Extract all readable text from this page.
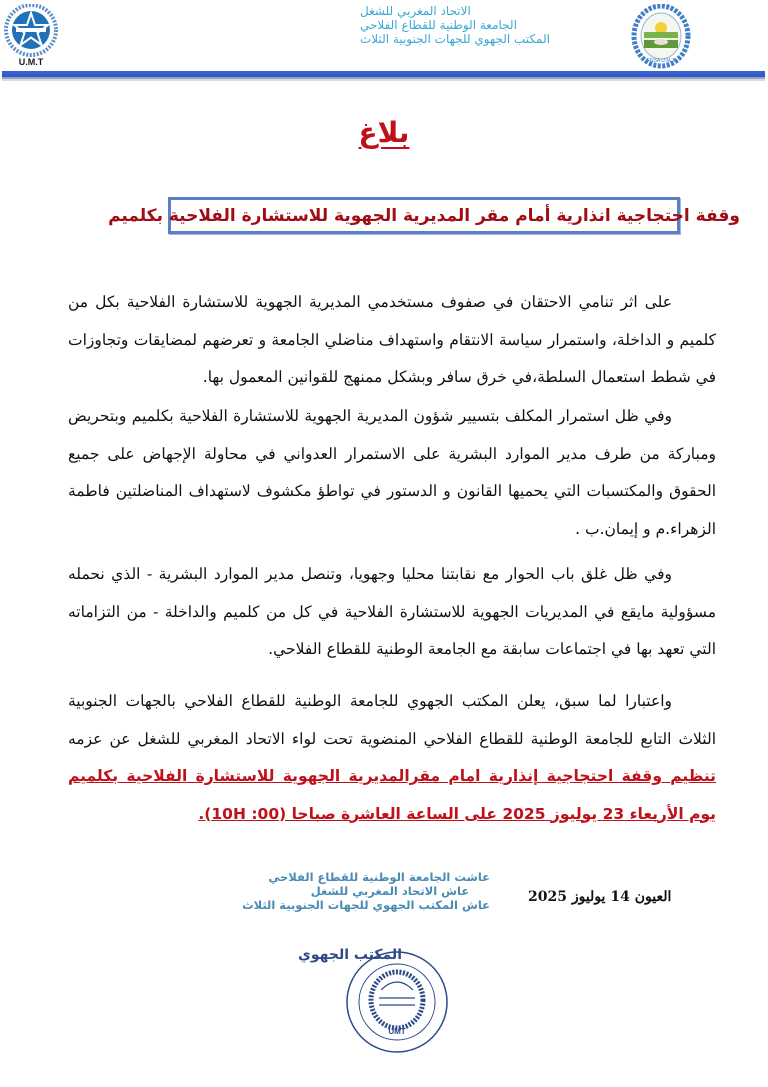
U.M.T
الاتحاد المغربي للشغل
الجامعة الوطنية للقطاع الفلاحي
المكتب الجهوي للجهات الجنوبية الثلاث
FNSA U.M.T
بلاغ
وقفة احتجاجية انذارية أمام مقر المديرية الجهوية للاستشارة الفلاحية بكلميم
على اثر تنامي الاحتقان في صفوف مستخدمي المديرية الجهوية للاستشارة الفلاحية بكل من كلميم و الداخلة، واستمرار سياسة الانتقام واستهداف مناضلي الجامعة و تعرضهم لمضايقات وتجاوزات في شطط استعمال السلطة،في خرق سافر وبشكل ممنهج للقوانين المعمول بها.
وفي ظل استمرار المكلف بتسيير شؤون المديرية الجهوية للاستشارة الفلاحية بكلميم وبتحريض ومباركة من طرف مدير الموارد البشرية على الاستمرار العدواني في محاولة الإجهاض على جميع الحقوق والمكتسبات التي يحميها القانون و الدستور في تواطؤ مكشوف لاستهداف المناضلتين فاطمة الزهراء.م و إيمان.ب .
وفي ظل غلق باب الحوار مع نقابتنا محليا وجهويا، وتنصل مدير الموارد البشرية - الذي نحمله مسؤولية مايقع في المديريات الجهوية للاستشارة الفلاحية في كل من كلميم والداخلة - من التزاماته التي تعهد بها في اجتماعات سابقة مع الجامعة الوطنية للقطاع الفلاحي.
واعتبارا لما سبق، يعلن المكتب الجهوي للجامعة الوطنية للقطاع الفلاحي بالجهات الجنوبية الثلاث التابع للجامعة الوطنية للقطاع الفلاحي المنضوية تحت لواء الاتحاد المغربي للشغل عن عزمه تنظيم وقفة احتجاجية إنذارية امام مقرالمديرية الجهوية للاستشارة الفلاحية بكلميم يوم الأربعاء 23 يوليوز 2025 على الساعة العاشرة صباحا (00: 10H).
عاشت الجامعة الوطنية للقطاع الفلاحي
عاش الاتحاد المغربي للشغل
عاش المكتب الجهوي للجهات الجنوبية الثلاث	العيون 14 يوليوز 2025
UMT
المكتب الجهوي
